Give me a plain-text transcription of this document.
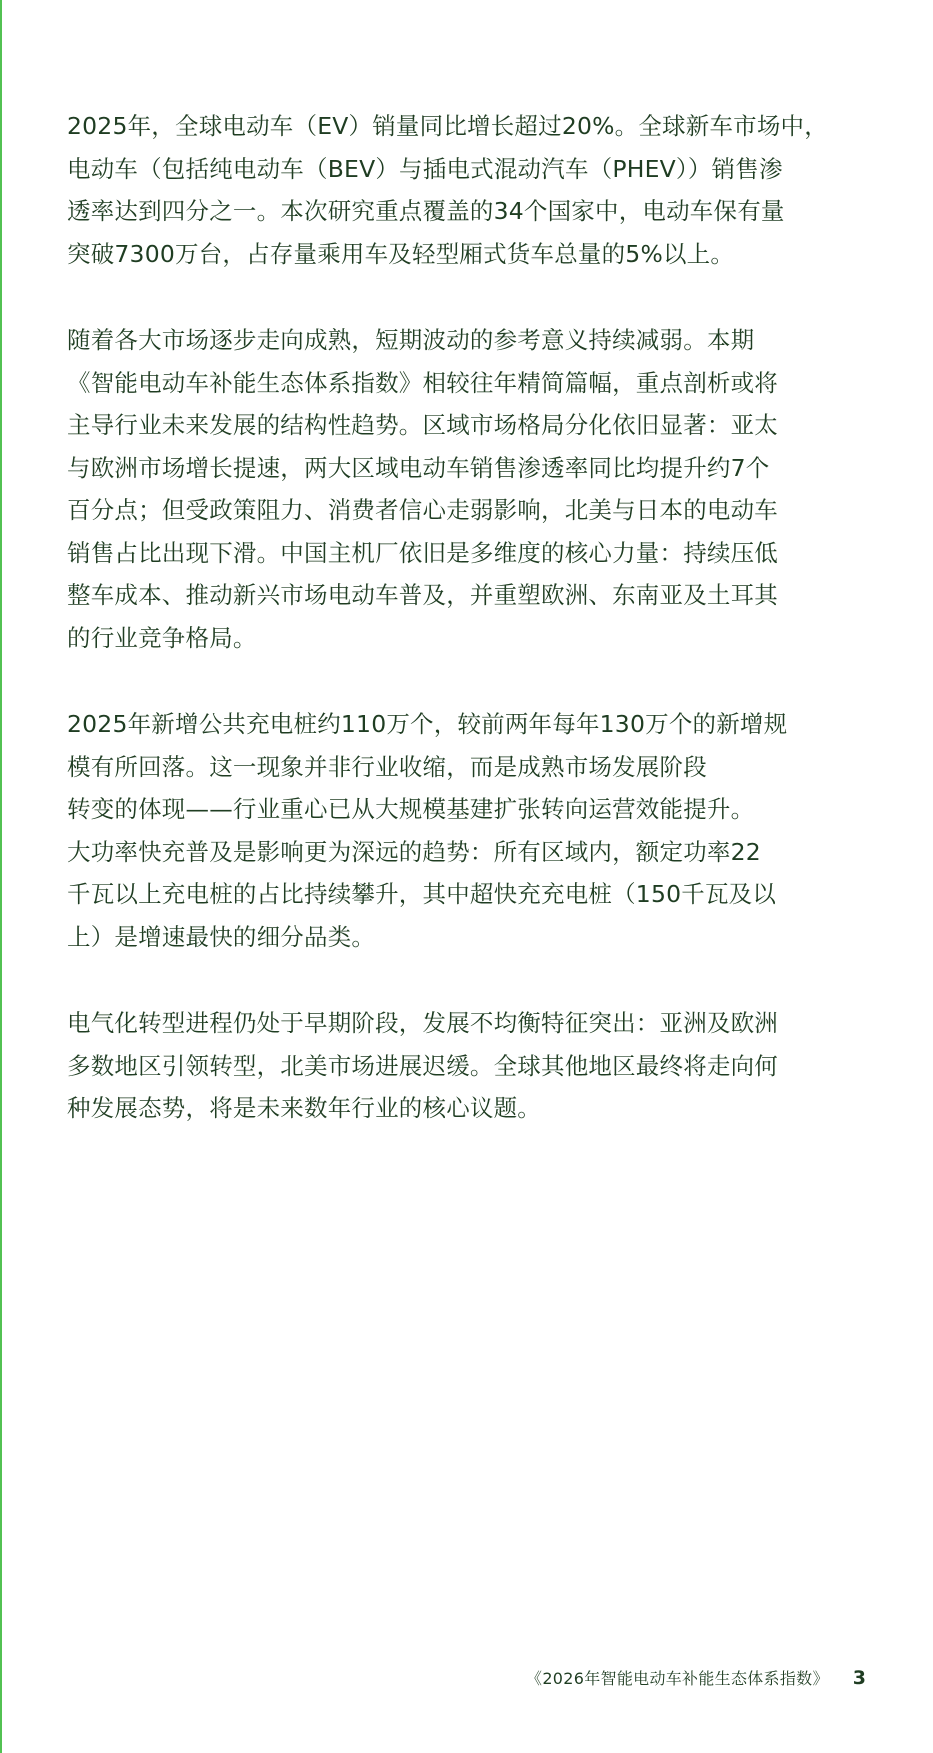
2025年，全球电动车（EV）销量同比增长超过20%。全球新车市场中，
电动车（包括纯电动车（BEV）与插电式混动汽车（PHEV））销售渗
透率达到四分之一。本次研究重点覆盖的34个国家中，电动车保有量
突破7300万台，占存量乘用车及轻型厢式货车总量的5%以上。

随着各大市场逐步走向成熟，短期波动的参考意义持续减弱。本期
《智能电动车补能生态体系指数》相较往年精简篇幅，重点剖析或将
主导行业未来发展的结构性趋势。区域市场格局分化依旧显著：亚太
与欧洲市场增长提速，两大区域电动车销售渗透率同比均提升约7个
百分点；但受政策阻力、消费者信心走弱影响，北美与日本的电动车
销售占比出现下滑。中国主机厂依旧是多维度的核心力量：持续压低
整车成本、推动新兴市场电动车普及，并重塑欧洲、东南亚及土耳其
的行业竞争格局。

2025年新增公共充电桩约110万个，较前两年每年130万个的新增规
模有所回落。这一现象并非行业收缩，而是成熟市场发展阶段
转变的体现——行业重心已从大规模基建扩张转向运营效能提升。
大功率快充普及是影响更为深远的趋势：所有区域内，额定功率22
千瓦以上充电桩的占比持续攀升，其中超快充充电桩（150千瓦及以
上）是增速最快的细分品类。

电气化转型进程仍处于早期阶段，发展不均衡特征突出：亚洲及欧洲
多数地区引领转型，北美市场进展迟缓。全球其他地区最终将走向何
种发展态势，将是未来数年行业的核心议题。

《2026年智能电动车补能生态体系指数》 3
